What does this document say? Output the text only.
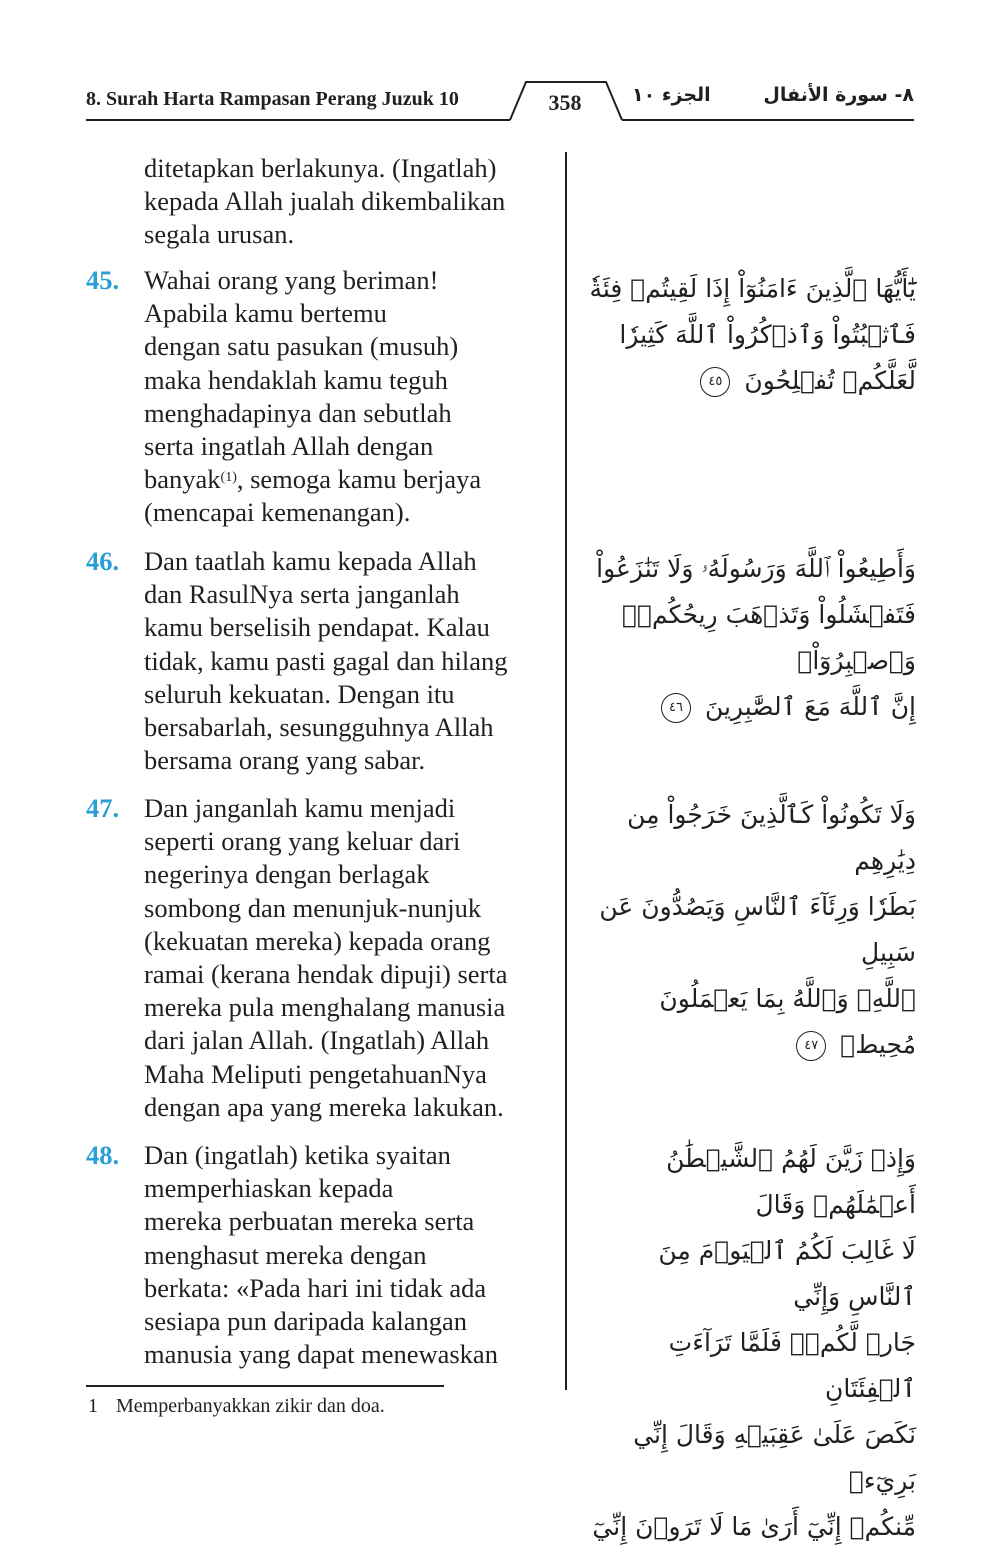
8. Surah Harta Rampasan Perang Juzuk 10	358	الجزء ١٠	٨- سورة الأنفال
ditetapkan berlakunya. (Ingatlah)
kepada Allah jualah dikembalikan
segala urusan.
45. Wahai orang yang beriman!
Apabila kamu bertemu
dengan satu pasukan (musuh)
maka hendaklah kamu teguh
menghadapinya dan sebutlah
serta ingatlah Allah dengan
banyak$^{(1)}$, semoga kamu berjaya
(mencapai kemenangan).
يَٰٓأَيُّهَا ٱلَّذِينَ ءَامَنُوٓاْ إِذَا لَقِيتُمۡ فِئَةٗ
فَٱثۡبُتُواْ وَٱذۡكُرُواْ ٱللَّهَ كَثِيرٗا
لَّعَلَّكُمۡ تُفۡلِحُونَ ٤٥
46. Dan taatlah kamu kepada Allah
dan RasulNya serta janganlah
kamu berselisih pendapat. Kalau
tidak, kamu pasti gagal dan hilang
seluruh kekuatan. Dengan itu
bersabarlah, sesungguhnya Allah
bersama orang yang sabar.
وَأَطِيعُواْ ٱللَّهَ وَرَسُولَهُۥ وَلَا تَنَٰزَعُواْ
فَتَفۡشَلُواْ وَتَذۡهَبَ رِيحُكُمۡۖ وَٱصۡبِرُوٓاْۚ
إِنَّ ٱللَّهَ مَعَ ٱلصَّٰبِرِينَ ٤٦
47. Dan janganlah kamu menjadi
seperti orang yang keluar dari
negerinya dengan berlagak
sombong dan menunjuk-nunjuk
(kekuatan mereka) kepada orang
ramai (kerana hendak dipuji) serta
mereka pula menghalang manusia
dari jalan Allah. (Ingatlah) Allah
Maha Meliputi pengetahuanNya
dengan apa yang mereka lakukan.
وَلَا تَكُونُواْ كَٱلَّذِينَ خَرَجُواْ مِن دِيَٰرِهِم
بَطَرٗا وَرِئَآءَ ٱلنَّاسِ وَيَصُدُّونَ عَن سَبِيلِ
ٱللَّهِۚ وَٱللَّهُ بِمَا يَعۡمَلُونَ مُحِيطٞ ٤٧
48. Dan (ingatlah) ketika syaitan
memperhiaskan kepada
mereka perbuatan mereka serta
menghasut mereka dengan
berkata: «Pada hari ini tidak ada
sesiapa pun daripada kalangan
manusia yang dapat menewaskan
وَإِذۡ زَيَّنَ لَهُمُ ٱلشَّيۡطَٰنُ أَعۡمَٰلَهُمۡ وَقَالَ
لَا غَالِبَ لَكُمُ ٱلۡيَوۡمَ مِنَ ٱلنَّاسِ وَإِنِّي
جَارٞ لَّكُمۡۖ فَلَمَّا تَرَآءَتِ ٱلۡفِئَتَانِ
نَكَصَ عَلَىٰ عَقِبَيۡهِ وَقَالَ إِنِّي بَرِيٓءٞ
مِّنكُمۡ إِنِّيٓ أَرَىٰ مَا لَا تَرَوۡنَ إِنِّيٓ
1 Memperbanyakkan zikir dan doa.
